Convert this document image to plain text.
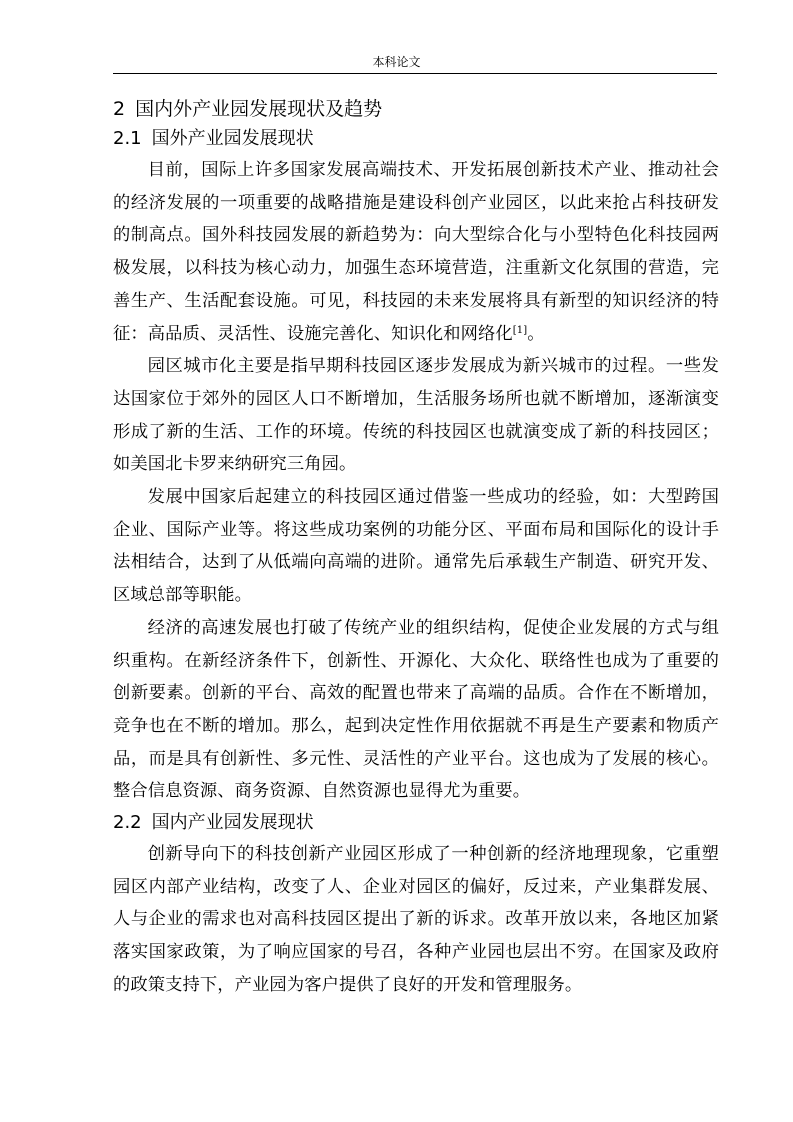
本科论文
2 国内外产业园发展现状及趋势
2.1 国外产业园发展现状

目前，国际上许多国家发展高端技术、开发拓展创新技术产业、推动社会的经济发展的一项重要的战略措施是建设科创产业园区，以此来抢占科技研发的制高点。国外科技园发展的新趋势为：向大型综合化与小型特色化科技园两极发展，以科技为核心动力，加强生态环境营造，注重新文化氛围的营造，完善生产、生活配套设施。可见，科技园的未来发展将具有新型的知识经济的特征：高品质、灵活性、设施完善化、知识化和网络化[1]。

园区城市化主要是指早期科技园区逐步发展成为新兴城市的过程。一些发达国家位于郊外的园区人口不断增加，生活服务场所也就不断增加，逐渐演变形成了新的生活、工作的环境。传统的科技园区也就演变成了新的科技园区；如美国北卡罗来纳研究三角园。

发展中国家后起建立的科技园区通过借鉴一些成功的经验，如：大型跨国企业、国际产业等。将这些成功案例的功能分区、平面布局和国际化的设计手法相结合，达到了从低端向高端的进阶。通常先后承载生产制造、研究开发、区域总部等职能。

经济的高速发展也打破了传统产业的组织结构，促使企业发展的方式与组织重构。在新经济条件下，创新性、开源化、大众化、联络性也成为了重要的创新要素。创新的平台、高效的配置也带来了高端的品质。合作在不断增加，竞争也在不断的增加。那么，起到决定性作用依据就不再是生产要素和物质产品，而是具有创新性、多元性、灵活性的产业平台。这也成为了发展的核心。整合信息资源、商务资源、自然资源也显得尤为重要。

2.2 国内产业园发展现状

创新导向下的科技创新产业园区形成了一种创新的经济地理现象，它重塑园区内部产业结构，改变了人、企业对园区的偏好，反过来，产业集群发展、人与企业的需求也对高科技园区提出了新的诉求。改革开放以来，各地区加紧落实国家政策，为了响应国家的号召，各种产业园也层出不穷。在国家及政府的政策支持下，产业园为客户提供了良好的开发和管理服务。
